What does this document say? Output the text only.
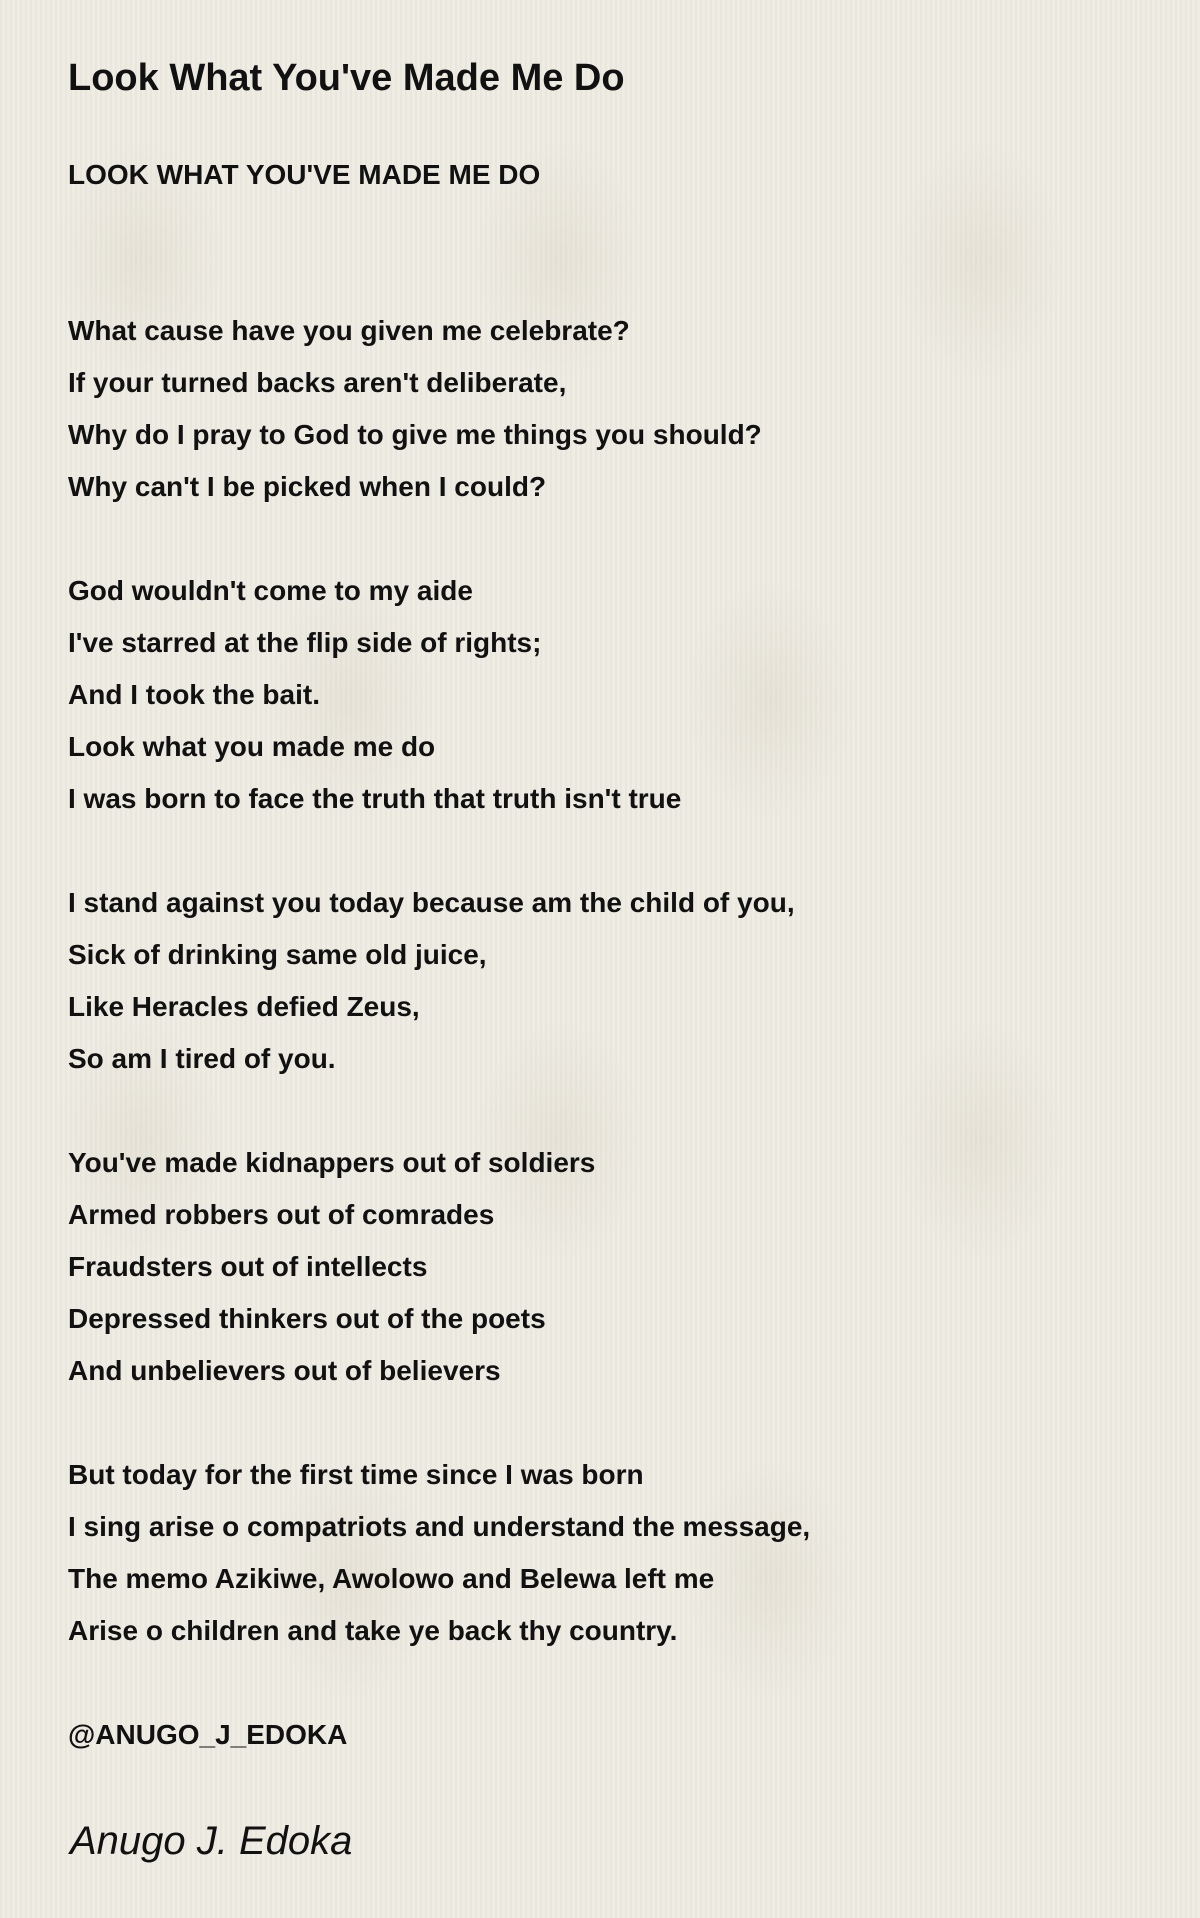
Look What You've Made Me Do
LOOK WHAT YOU'VE MADE ME DO
What cause have you given me celebrate?
If your turned backs aren't deliberate,
Why do I pray to God to give me things you should?
Why can't I be picked when I could?
God wouldn't come to my aide
I've starred at the flip side of rights;
And I took the bait.
Look what you made me do
I was born to face the truth that truth isn't true
I stand against you today because am the child of you,
Sick of drinking same old juice,
Like Heracles defied Zeus,
So am I tired of you.
You've made kidnappers out of soldiers
Armed robbers out of comrades
Fraudsters out of intellects
Depressed thinkers out of the poets
And unbelievers out of believers
But today for the first time since I was born
I sing arise o compatriots and understand the message,
The memo Azikiwe, Awolowo and Belewa left me
Arise o children and take ye back thy country.
@ANUGO_J_EDOKA
Anugo J. Edoka
